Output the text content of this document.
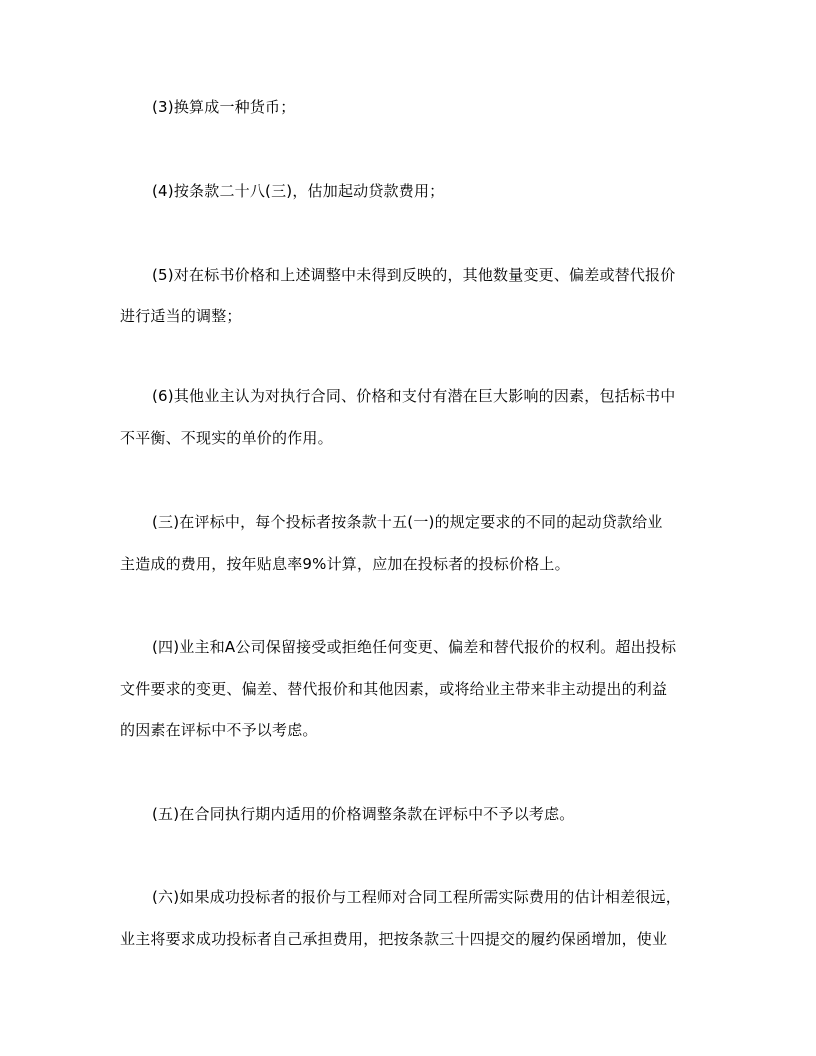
(3)换算成一种货币；
(4)按条款二十八(三)，估加起动贷款费用；
(5)对在标书价格和上述调整中未得到反映的，其他数量变更、偏差或替代报价
进行适当的调整；
(6)其他业主认为对执行合同、价格和支付有潜在巨大影响的因素，包括标书中
不平衡、不现实的单价的作用。
(三)在评标中，每个投标者按条款十五(一)的规定要求的不同的起动贷款给业
主造成的费用，按年贴息率9%计算，应加在投标者的投标价格上。
(四)业主和A公司保留接受或拒绝任何变更、偏差和替代报价的权利。超出投标
文件要求的变更、偏差、替代报价和其他因素，或将给业主带来非主动提出的利益
的因素在评标中不予以考虑。
(五)在合同执行期内适用的价格调整条款在评标中不予以考虑。
(六)如果成功投标者的报价与工程师对合同工程所需实际费用的估计相差很远，
业主将要求成功投标者自己承担费用，把按条款三十四提交的履约保函增加，使业
